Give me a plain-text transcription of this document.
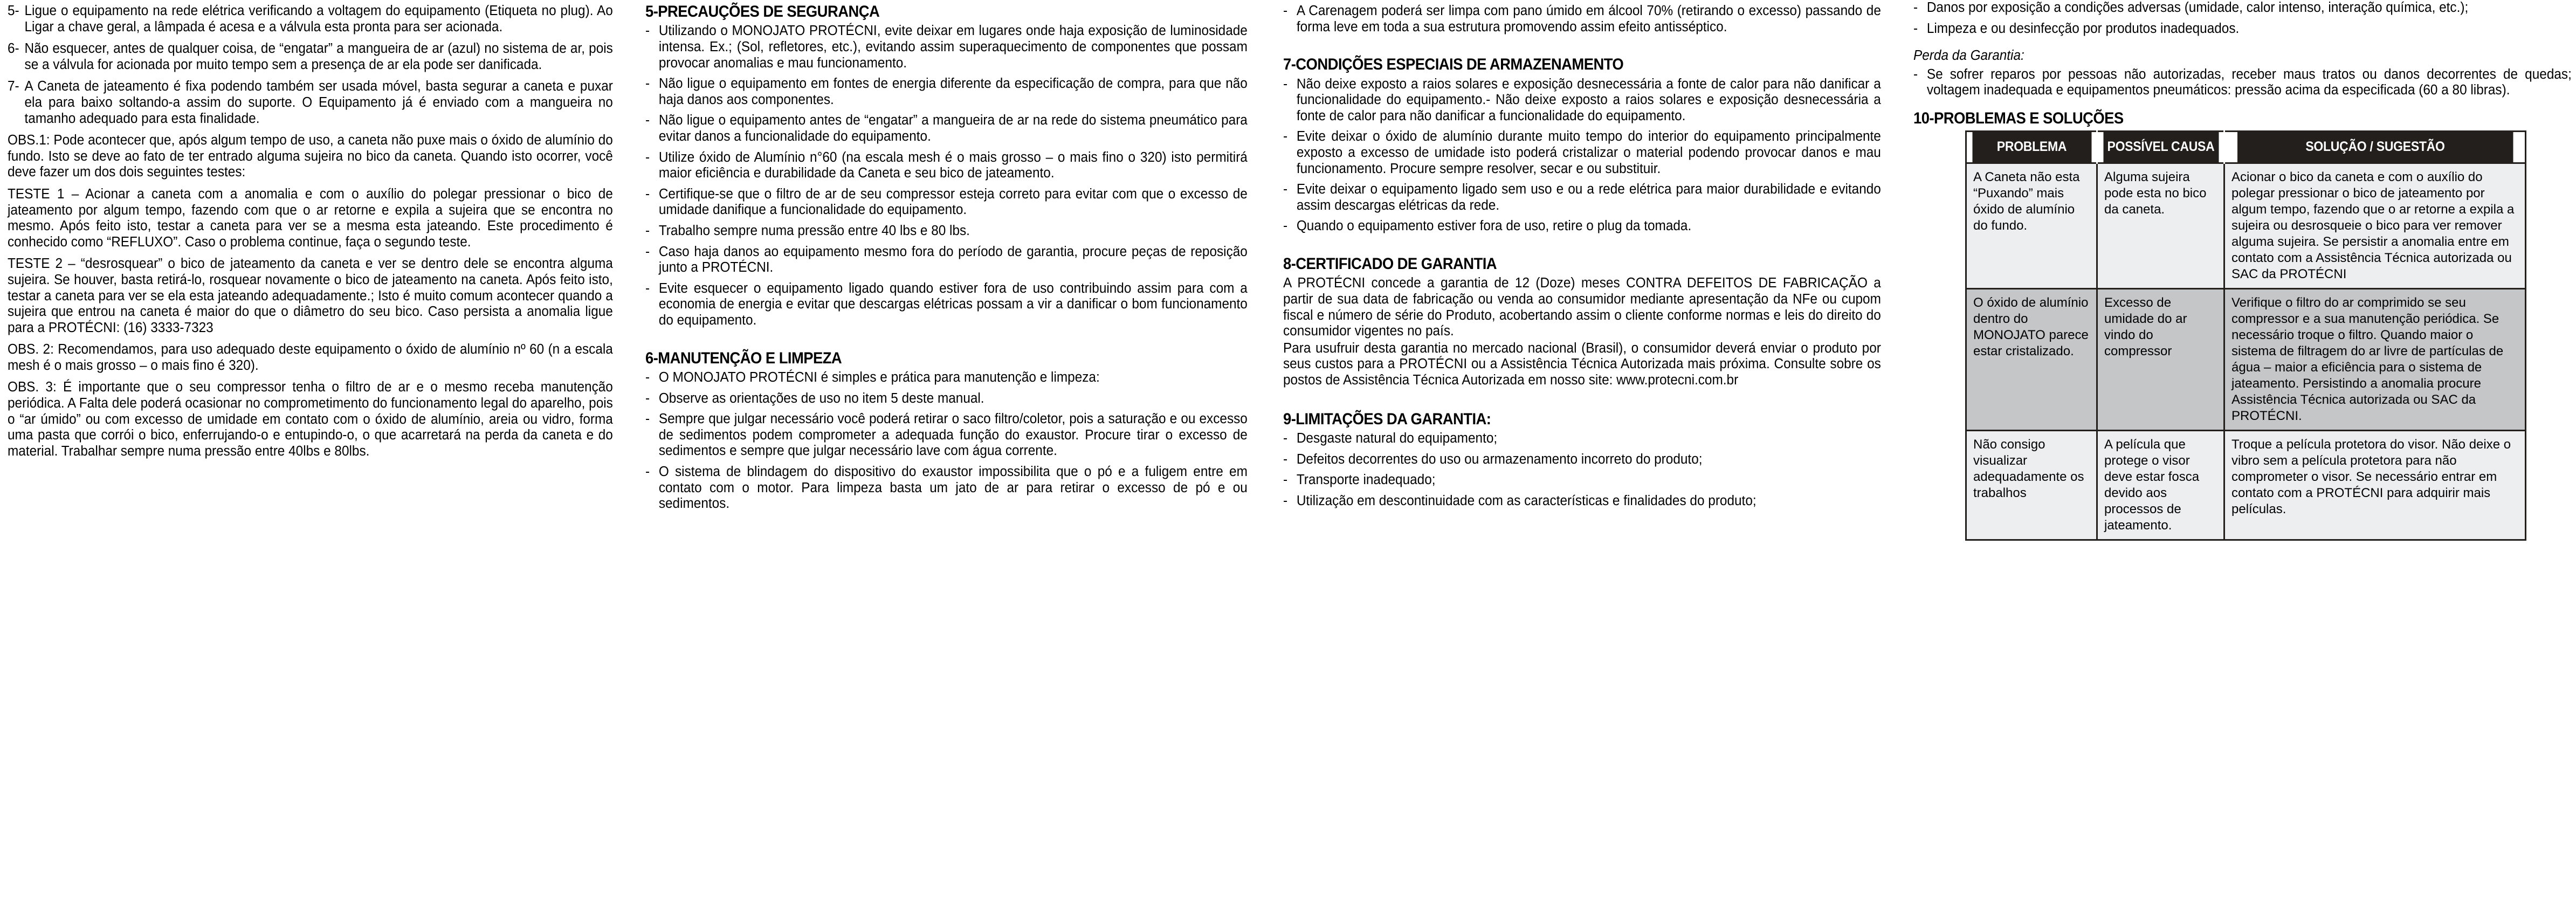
5- Ligue o equipamento na rede elétrica verificando a voltagem do equipamento (Etiqueta no plug). Ao Ligar a chave geral, a lâmpada é acesa e a válvula esta pronta para ser acionada.
6- Não esquecer, antes de qualquer coisa, de “engatar” a mangueira de ar (azul) no sistema de ar, pois se a válvula for acionada por muito tempo sem a presença de ar ela pode ser danificada.
7- A Caneta de jateamento é fixa podendo também ser usada móvel, basta segurar a caneta e puxar ela para baixo soltando-a assim do suporte. O Equipamento já é enviado com a mangueira no tamanho adequado para esta finalidade.

OBS.1: Pode acontecer que, após algum tempo de uso, a caneta não puxe mais o óxido de alumínio do fundo. Isto se deve ao fato de ter entrado alguma sujeira no bico da caneta. Quando isto ocorrer, você deve fazer um dos dois seguintes testes:

TESTE 1 – Acionar a caneta com a anomalia e com o auxílio do polegar pressionar o bico de jateamento por algum tempo, fazendo com que o ar retorne e expila a sujeira que se encontra no mesmo. Após feito isto, testar a caneta para ver se a mesma esta jateando. Este procedimento é conhecido como “REFLUXO”. Caso o problema continue, faça o segundo teste.

TESTE 2 – “desrosquear” o bico de jateamento da caneta e ver se dentro dele se encontra alguma sujeira. Se houver, basta retirá-lo, rosquear novamente o bico de jateamento na caneta. Após feito isto, testar a caneta para ver se ela esta jateando adequadamente.; Isto é muito comum acontecer quando a sujeira que entrou na caneta é maior do que o diâmetro do seu bico. Caso persista a anomalia ligue para a PROTÉCNI: (16) 3333-7323

OBS. 2: Recomendamos, para uso adequado deste equipamento o óxido de alumínio nº 60 (n a escala mesh é o mais grosso – o mais fino é 320).

OBS. 3: É importante que o seu compressor tenha o filtro de ar e o mesmo receba manutenção periódica. A Falta dele poderá ocasionar no comprometimento do funcionamento legal do aparelho, pois o “ar úmido” ou com excesso de umidade em contato com o óxido de alumínio, areia ou vidro, forma uma pasta que corrói o bico, enferrujando-o e entupindo-o, o que acarretará na perda da caneta e do material. Trabalhar sempre numa pressão entre 40lbs e 80lbs.

5-PRECAUÇÕES DE SEGURANÇA
- Utilizando o MONOJATO PROTÉCNI, evite deixar em lugares onde haja exposição de luminosidade intensa. Ex.; (Sol, refletores, etc.), evitando assim superaquecimento de componentes que possam provocar anomalias e mau funcionamento.
- Não ligue o equipamento em fontes de energia diferente da especificação de compra, para que não haja danos aos componentes.
- Não ligue o equipamento antes de “engatar” a mangueira de ar na rede do sistema pneumático para evitar danos a funcionalidade do equipamento.
- Utilize óxido de Alumínio n°60 (na escala mesh é o mais grosso – o mais fino o 320) isto permitirá maior eficiência e durabilidade da Caneta e seu bico de jateamento.
- Certifique-se que o filtro de ar de seu compressor esteja correto para evitar com que o excesso de umidade danifique a funcionalidade do equipamento.
- Trabalho sempre numa pressão entre 40 lbs e 80 lbs.
- Caso haja danos ao equipamento mesmo fora do período de garantia, procure peças de reposição junto a PROTÉCNI.
- Evite esquecer o equipamento ligado quando estiver fora de uso contribuindo assim para com a economia de energia e evitar que descargas elétricas possam a vir a danificar o bom funcionamento do equipamento.
6-MANUTENÇÃO E LIMPEZA
- O MONOJATO PROTÉCNI é simples e prática para manutenção e limpeza:
- Observe as orientações de uso no item 5 deste manual.
- Sempre que julgar necessário você poderá retirar o saco filtro/coletor, pois a saturação e ou excesso de sedimentos podem comprometer a adequada função do exaustor. Procure tirar o excesso de sedimentos e sempre que julgar necessário lave com água corrente.
- O sistema de blindagem do dispositivo do exaustor impossibilita que o pó e a fuligem entre em contato com o motor. Para limpeza basta um jato de ar para retirar o excesso de pó e ou sedimentos.
- A Carenagem poderá ser limpa com pano úmido em álcool 70% (retirando o excesso) passando de forma leve em toda a sua estrutura promovendo assim efeito antisséptico.
7-CONDIÇÕES ESPECIAIS DE ARMAZENAMENTO
- Não deixe exposto a raios solares e exposição desnecessária a fonte de calor para não danificar a funcionalidade do equipamento.- Não deixe exposto a raios solares e exposição desnecessária a fonte de calor para não danificar a funcionalidade do equipamento.
- Evite deixar o óxido de alumínio durante muito tempo do interior do equipamento principalmente exposto a excesso de umidade isto poderá cristalizar o material podendo provocar danos e mau funcionamento. Procure sempre resolver, secar e ou substituir.
- Evite deixar o equipamento ligado sem uso e ou a rede elétrica para maior durabilidade e evitando assim descargas elétricas da rede.
- Quando o equipamento estiver fora de uso, retire o plug da tomada.
8-CERTIFICADO DE GARANTIA

A PROTÉCNI concede a garantia de 12 (Doze) meses CONTRA DEFEITOS DE FABRICAÇÃO a partir de sua data de fabricação ou venda ao consumidor mediante apresentação da NFe ou cupom fiscal e número de série do Produto, acobertando assim o cliente conforme normas e leis do direito do consumidor vigentes no país.

Para usufruir desta garantia no mercado nacional (Brasil), o consumidor deverá enviar o produto por seus custos para a PROTÉCNI ou a Assistência Técnica Autorizada mais próxima. Consulte sobre os postos de Assistência Técnica Autorizada em nosso site: www.protecni.com.br

9-LIMITAÇÕES DA GARANTIA:
- Desgaste natural do equipamento;
- Defeitos decorrentes do uso ou armazenamento incorreto do produto;
- Transporte inadequado;
- Utilização em descontinuidade com as características e finalidades do produto;
- Danos por exposição a condições adversas (umidade, calor intenso, interação química, etc.);
- Limpeza e ou desinfecção por produtos inadequados.

Perda da Garantia:

- Se sofrer reparos por pessoas não autorizadas, receber maus tratos ou danos decorrentes de quedas; voltagem inadequada e equipamentos pneumáticos: pressão acima da especificada (60 a 80 libras).
10-PROBLEMAS E SOLUÇÕES
PROBLEMA	POSSÍVEL CAUSA	SOLUÇÃO / SUGESTÃO
A Caneta não esta “Puxando” mais óxido de alumínio do fundo.	Alguma sujeira pode esta no bico da caneta.	Acionar o bico da caneta e com o auxílio do polegar pressionar o bico de jateamento por algum tempo, fazendo que o ar retorne a expila a sujeira ou desrosqueie o bico para ver remover alguma sujeira. Se persistir a anomalia entre em contato com a Assistência Técnica autorizada ou SAC da PROTÉCNI
O óxido de alumínio dentro do MONOJATO parece estar cristalizado.	Excesso de umidade do ar vindo do compressor	Verifique o filtro do ar comprimido se seu compressor e a sua manutenção periódica. Se necessário troque o filtro. Quando maior o sistema de filtragem do ar livre de partículas de água – maior a eficiência para o sistema de jateamento. Persistindo a anomalia procure Assistência Técnica autorizada ou SAC da PROTÉCNI.
Não consigo visualizar adequadamente os trabalhos	A película que protege o visor deve estar fosca devido aos processos de jateamento.	Troque a película protetora do visor. Não deixe o vibro sem a película protetora para não comprometer o visor. Se necessário entrar em contato com a PROTÉCNI para adquirir mais películas.
